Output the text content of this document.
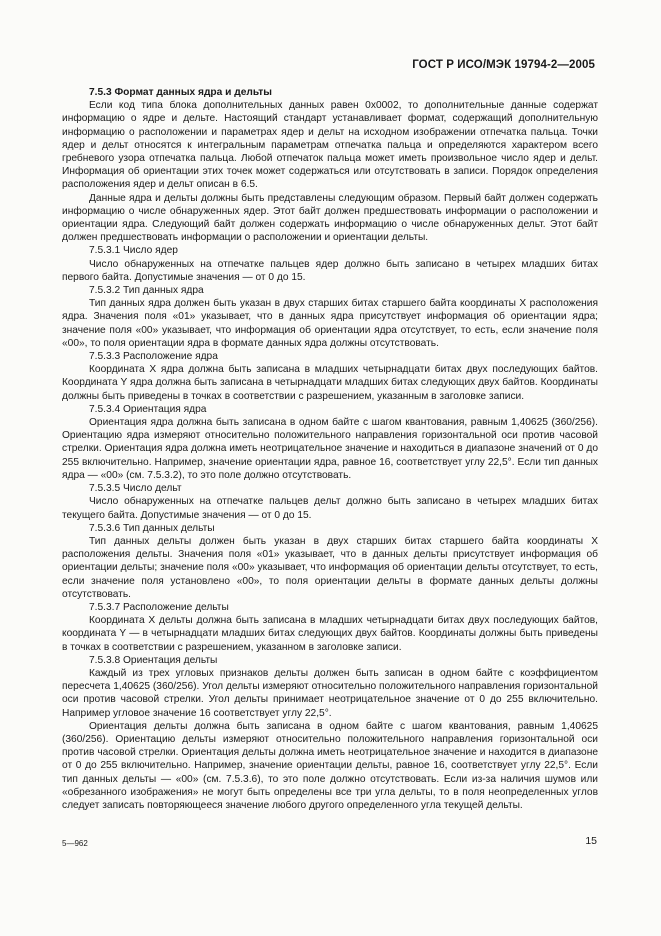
ГОСТ Р ИСО/МЭК 19794-2—2005

7.5.3 Формат данных ядра и дельты

Если код типа блока дополнительных данных равен 0х0002, то дополнительные данные содержат информацию о ядре и дельте. Настоящий стандарт устанавливает формат, содержащий дополнительную информацию о расположении и параметрах ядер и дельт на исходном изображении отпечатка пальца. Точки ядер и дельт относятся к интегральным параметрам отпечатка пальца и определяются характером всего гребневого узора отпечатка пальца. Любой отпечаток пальца может иметь произвольное число ядер и дельт. Информация об ориентации этих точек может содержаться или отсутствовать в записи. Порядок определения расположения ядер и дельт описан в 6.5.

Данные ядра и дельты должны быть представлены следующим образом. Первый байт должен содержать информацию о числе обнаруженных ядер. Этот байт должен предшествовать информации о расположении и ориентации ядра. Следующий байт должен содержать информацию о числе обнаруженных дельт. Этот байт должен предшествовать информации о расположении и ориентации дельты.

7.5.3.1 Число ядер

Число обнаруженных на отпечатке пальцев ядер должно быть записано в четырех младших битах первого байта. Допустимые значения — от 0 до 15.

7.5.3.2 Тип данных ядра

Тип данных ядра должен быть указан в двух старших битах старшего байта координаты X расположения ядра. Значения поля «01» указывает, что в данных ядра присутствует информация об ориентации ядра; значение поля «00» указывает, что информация об ориентации ядра отсутствует, то есть, если значение поля «00», то поля ориентации ядра в формате данных ядра должны отсутствовать.

7.5.3.3 Расположение ядра

Координата X ядра должна быть записана в младших четырнадцати битах двух последующих байтов. Координата Y ядра должна быть записана в четырнадцати младших битах следующих двух байтов. Координаты должны быть приведены в точках в соответствии с разрешением, указанным в заголовке записи.

7.5.3.4 Ориентация ядра

Ориентация ядра должна быть записана в одном байте с шагом квантования, равным 1,40625 (360/256). Ориентацию ядра измеряют относительно положительного направления горизонтальной оси против часовой стрелки. Ориентация ядра должна иметь неотрицательное значение и находиться в диапазоне значений от 0 до 255 включительно. Например, значение ориентации ядра, равное 16, соответствует углу 22,5°. Если тип данных ядра — «00» (см. 7.5.3.2), то это поле должно отсутствовать.

7.5.3.5 Число дельт

Число обнаруженных на отпечатке пальцев дельт должно быть записано в четырех младших битах текущего байта. Допустимые значения — от 0 до 15.

7.5.3.6 Тип данных дельты

Тип данных дельты должен быть указан в двух старших битах старшего байта координаты X расположения дельты. Значения поля «01» указывает, что в данных дельты присутствует информация об ориентации дельты; значение поля «00» указывает, что информация об ориентации дельты отсутствует, то есть, если значение поля установлено «00», то поля ориентации дельты в формате данных дельты должны отсутствовать.

7.5.3.7 Расположение дельты

Координата X дельты должна быть записана в младших четырнадцати битах двух последующих байтов, координата Y — в четырнадцати младших битах следующих двух байтов. Координаты должны быть приведены в точках в соответствии с разрешением, указанном в заголовке записи.

7.5.3.8 Ориентация дельты

Каждый из трех угловых признаков дельты должен быть записан в одном байте с коэффициентом пересчета 1,40625 (360/256). Угол дельты измеряют относительно положительного направления горизонтальной оси против часовой стрелки. Угол дельты принимает неотрицательное значение от 0 до 255 включительно. Например угловое значение 16 соответствует углу 22,5°.

Ориентация дельты должна быть записана в одном байте с шагом квантования, равным 1,40625 (360/256). Ориентацию дельты измеряют относительно положительного направления горизонтальной оси против часовой стрелки. Ориентация дельты должна иметь неотрицательное значение и находится в диапазоне от 0 до 255 включительно. Например, значение ориентации дельты, равное 16, соответствует углу 22,5°. Если тип данных дельты — «00» (см. 7.5.3.6), то это поле должно отсутствовать. Если из-за наличия шумов или «обрезанного изображения» не могут быть определены все три угла дельты, то в поля неопределенных углов следует записать повторяющееся значение любого другого определенного угла текущей дельты.

5—962	15
